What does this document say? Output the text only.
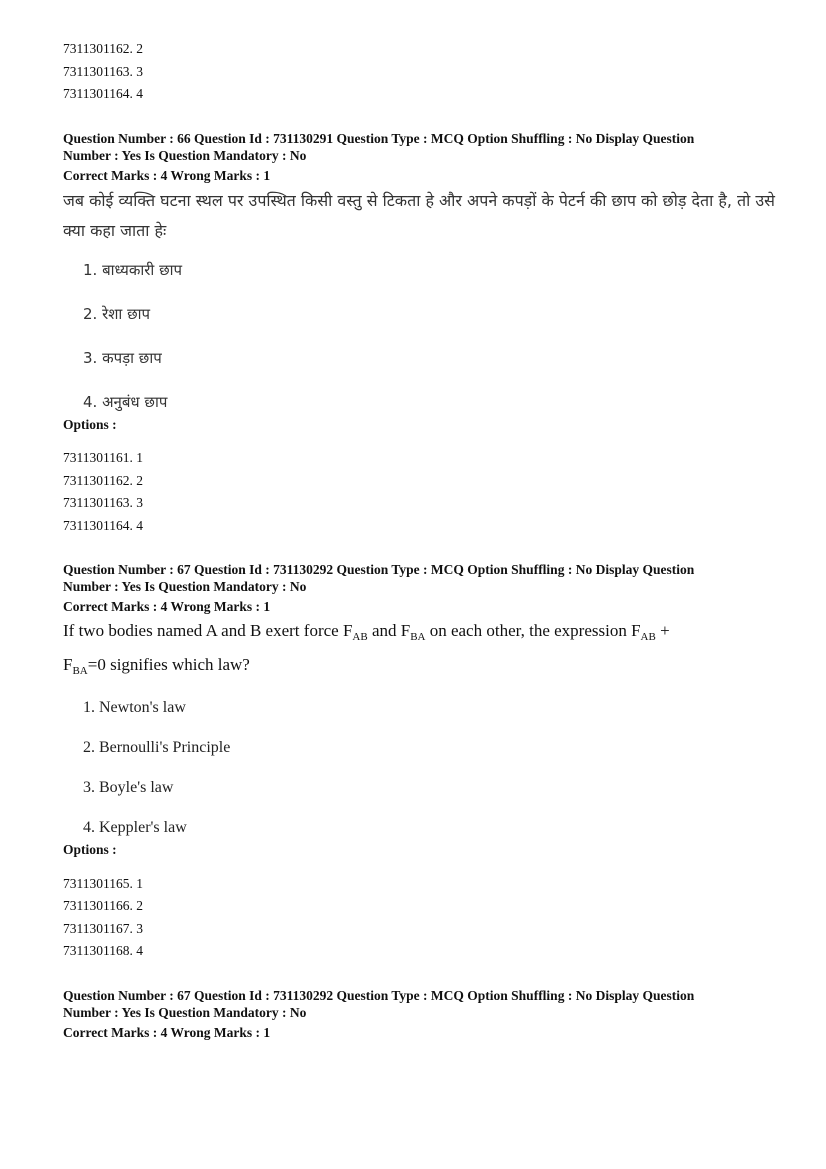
7311301162. 2

7311301163. 3

7311301164. 4

Question Number : 66 Question Id : 731130291 Question Type : MCQ Option Shuffling : No Display Question

Number : Yes Is Question Mandatory : No

Correct Marks : 4 Wrong Marks : 1

जब कोई व्यक्ति घटना स्थल पर उपस्थित किसी वस्तु से टिकता हे और अपने कपड़ों के पेटर्न की छाप को छोड़ देता है, तो उसे क्या कहा जाता हेः

1. बाध्यकारी छाप

2. रेशा छाप

3. कपड़ा छाप

4. अनुबंध छाप

Options :

7311301161. 1

7311301162. 2

7311301163. 3

7311301164. 4

Question Number : 67 Question Id : 731130292 Question Type : MCQ Option Shuffling : No Display Question

Number : Yes Is Question Mandatory : No

Correct Marks : 4 Wrong Marks : 1

If two bodies named A and B exert force $F_{AB}$ and $F_{BA}$ on each other, the expression $F_{AB}$ +
$F_{BA}=0$ signifies which law?

1. Newton's law

2. Bernoulli's Principle

3. Boyle's law

4. Keppler's law

Options :

7311301165. 1

7311301166. 2

7311301167. 3

7311301168. 4

Question Number : 67 Question Id : 731130292 Question Type : MCQ Option Shuffling : No Display Question

Number : Yes Is Question Mandatory : No

Correct Marks : 4 Wrong Marks : 1
